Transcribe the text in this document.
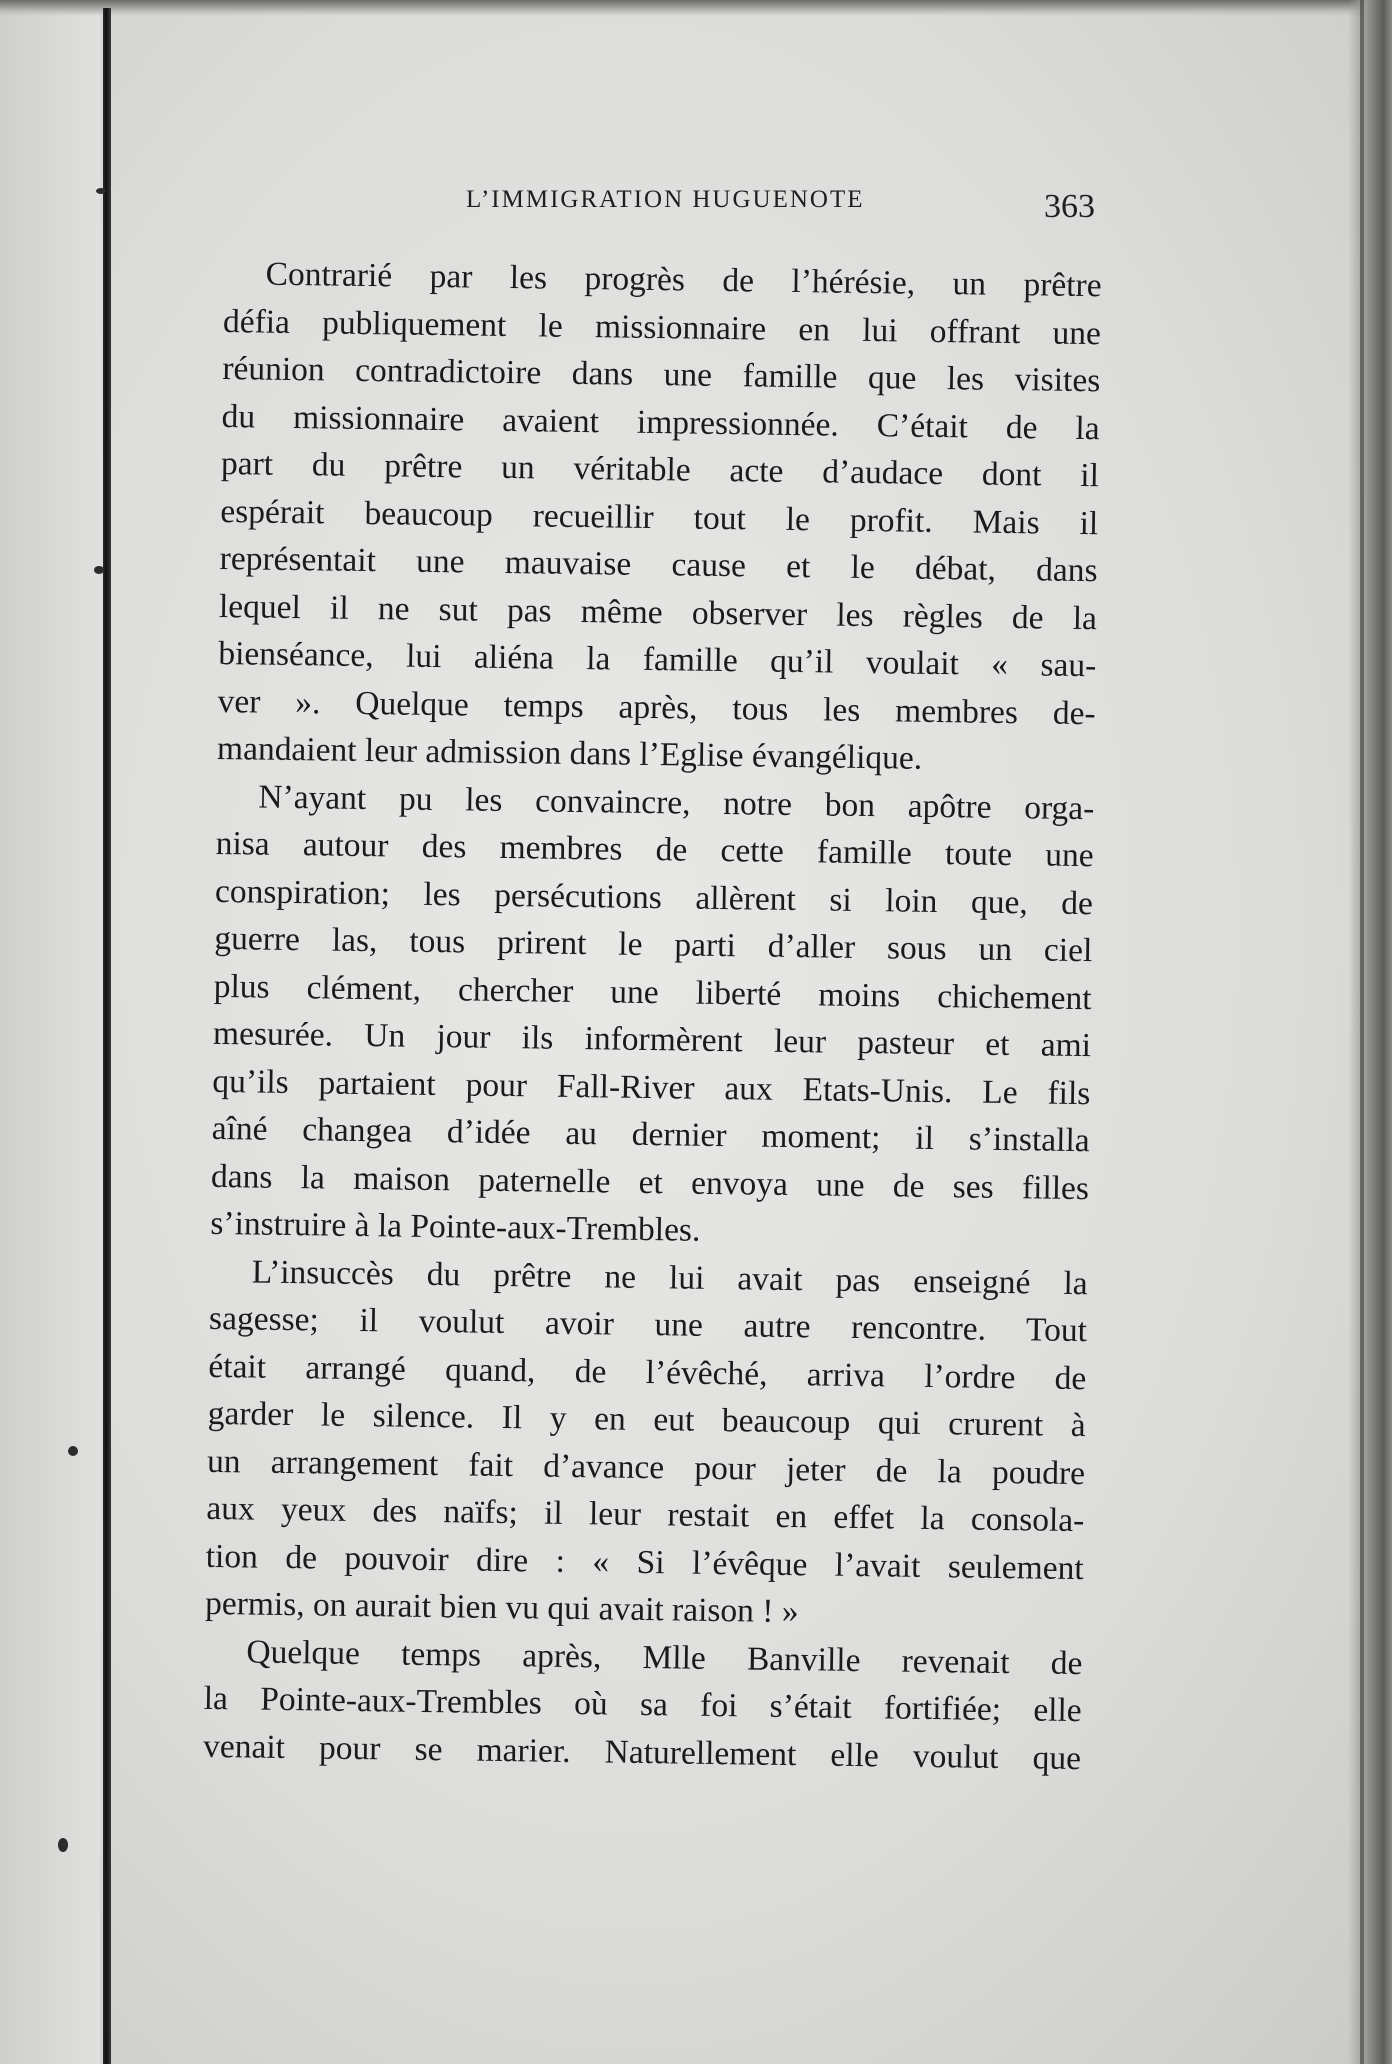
L’IMMIGRATION HUGUENOTE	363
Contrarié par les progrès de l’hérésie, un prêtre
défia publiquement le missionnaire en lui offrant une
réunion contradictoire dans une famille que les visites
du missionnaire avaient impressionnée. C’était de la
part du prêtre un véritable acte d’audace dont il
espérait beaucoup recueillir tout le profit. Mais il
représentait une mauvaise cause et le débat, dans
lequel il ne sut pas même observer les règles de la
bienséance, lui aliéna la famille qu’il voulait « sau-
ver ». Quelque temps après, tous les membres de-
mandaient leur admission dans l’Eglise évangélique.
N’ayant pu les convaincre, notre bon apôtre orga-
nisa autour des membres de cette famille toute une
conspiration; les persécutions allèrent si loin que, de
guerre las, tous prirent le parti d’aller sous un ciel
plus clément, chercher une liberté moins chichement
mesurée. Un jour ils informèrent leur pasteur et ami
qu’ils partaient pour Fall-River aux Etats-Unis. Le fils
aîné changea d’idée au dernier moment; il s’installa
dans la maison paternelle et envoya une de ses filles
s’instruire à la Pointe-aux-Trembles.
L’insuccès du prêtre ne lui avait pas enseigné la
sagesse; il voulut avoir une autre rencontre. Tout
était arrangé quand, de l’évêché, arriva l’ordre de
garder le silence. Il y en eut beaucoup qui crurent à
un arrangement fait d’avance pour jeter de la poudre
aux yeux des naïfs; il leur restait en effet la consola-
tion de pouvoir dire : « Si l’évêque l’avait seulement
permis, on aurait bien vu qui avait raison ! »
Quelque temps après, Mlle Banville revenait de
la Pointe-aux-Trembles où sa foi s’était fortifiée; elle
venait pour se marier. Naturellement elle voulut que
